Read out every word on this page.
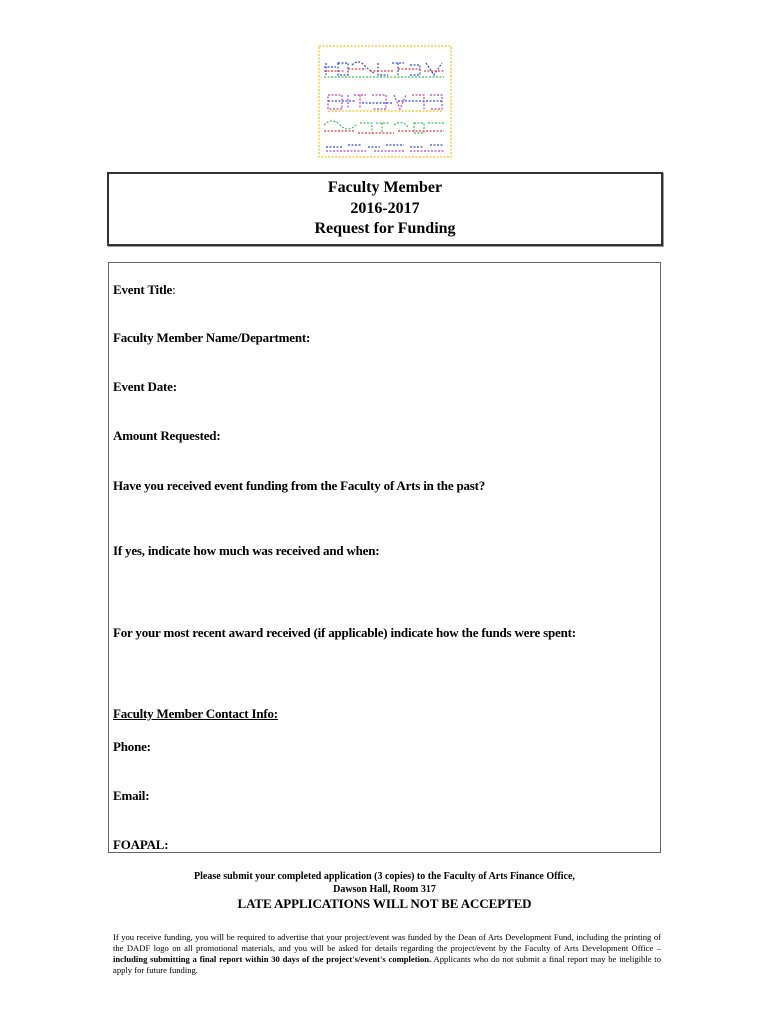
Faculty Member
2016-2017
Request for Funding
Event Title:
Faculty Member Name/Department:
Event Date:
Amount Requested:
Have you received event funding from the Faculty of Arts in the past?
If yes, indicate how much was received and when:
For your most recent award received (if applicable) indicate how the funds were spent:
Faculty Member Contact Info:
Phone:
Email:
FOAPAL:
Please submit your completed application (3 copies) to the Faculty of Arts Finance Office,
Dawson Hall, Room 317
LATE APPLICATIONS WILL NOT BE ACCEPTED
If you receive funding, you will be required to advertise that your project/event was funded by the Dean of Arts Development Fund, including the printing of the DADF logo on all promotional materials, and you will be asked for details regarding the project/event by the Faculty of Arts Development Office – including submitting a final report within 30 days of the project's/event's completion. Applicants who do not submit a final report may be ineligible to apply for future funding.
